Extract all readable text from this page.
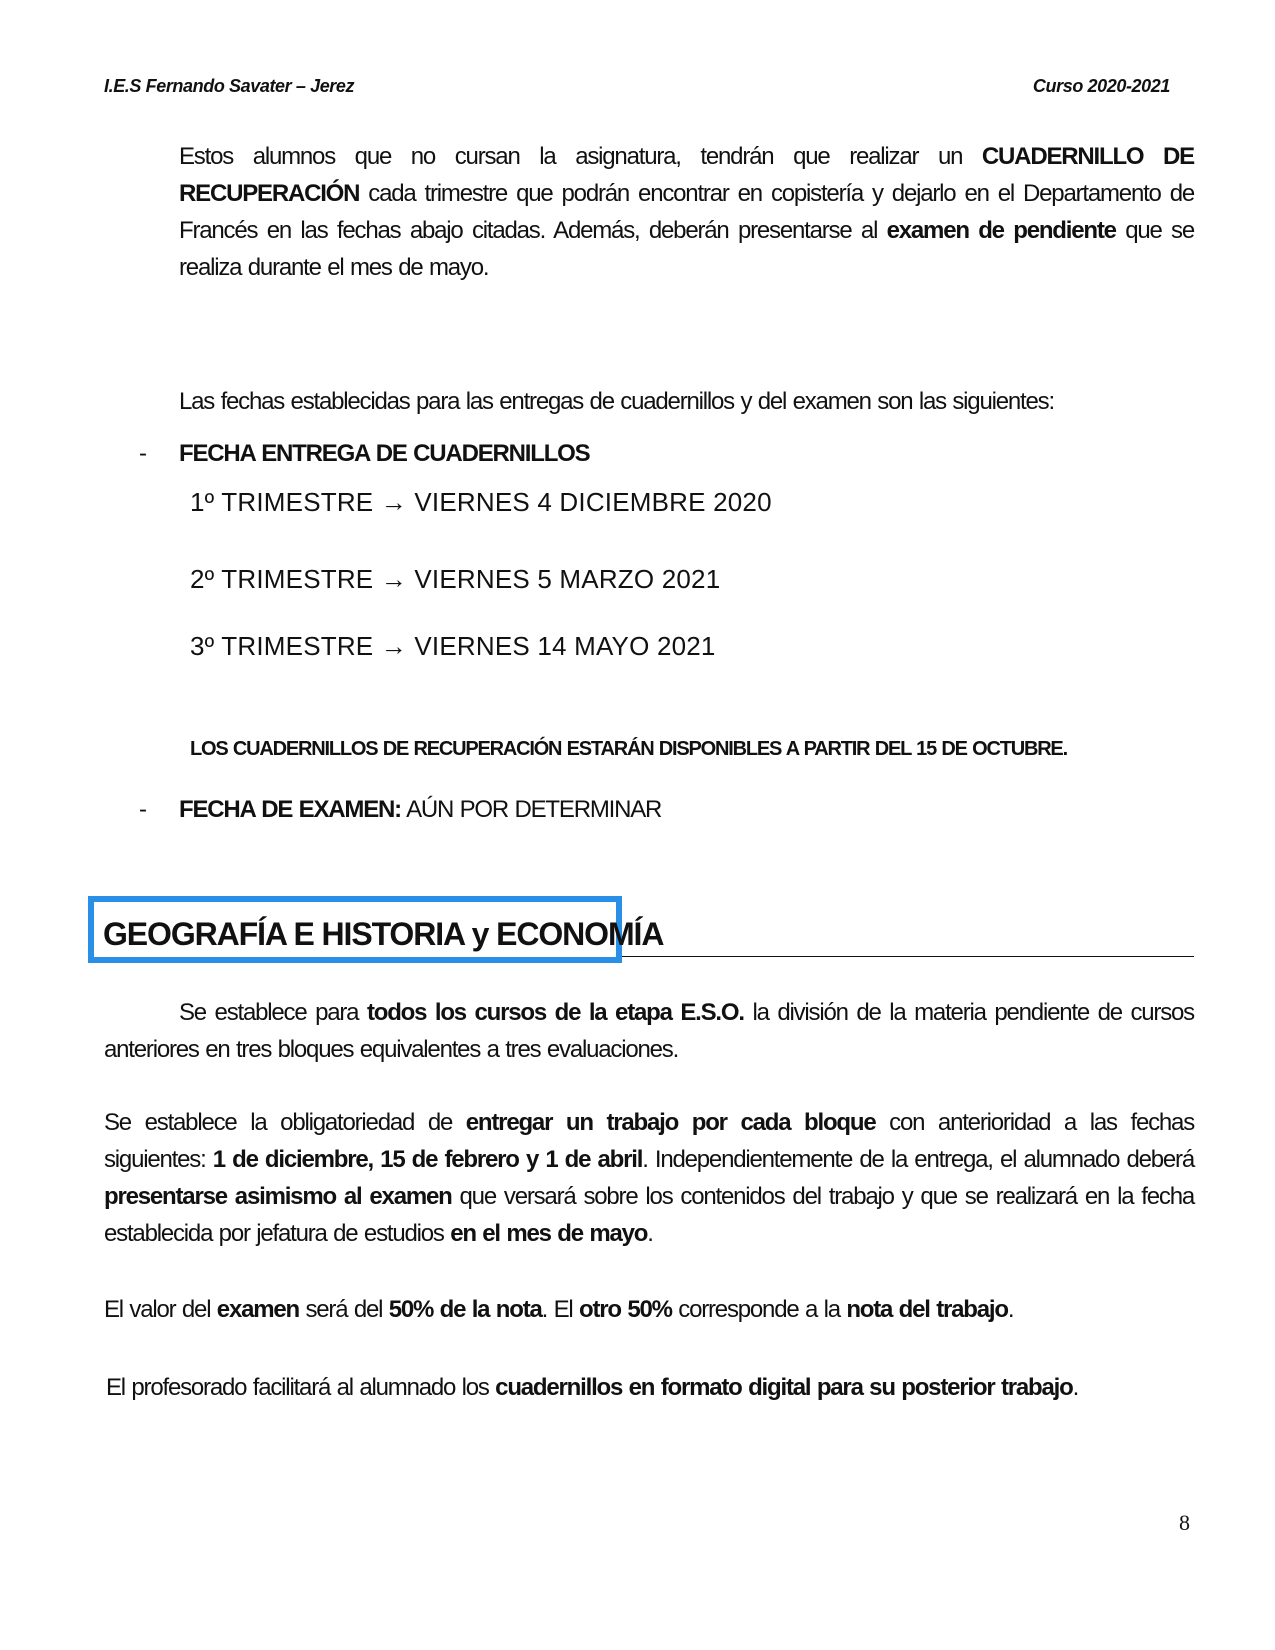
I.E.S Fernando Savater – Jerez	Curso 2020-2021
Estos alumnos que no cursan la asignatura, tendrán que realizar un CUADERNILLO DE RECUPERACIÓN cada trimestre que podrán encontrar en copistería y dejarlo en el Departamento de Francés en las fechas abajo citadas. Además, deberán presentarse al examen de pendiente que se realiza durante el mes de mayo.
Las fechas establecidas para las entregas de cuadernillos y del examen son las siguientes:
- FECHA ENTREGA DE CUADERNILLOS
1º TRIMESTRE → VIERNES 4 DICIEMBRE 2020
2º TRIMESTRE → VIERNES 5 MARZO 2021
3º TRIMESTRE → VIERNES 14 MAYO 2021
LOS CUADERNILLOS DE RECUPERACIÓN ESTARÁN DISPONIBLES A PARTIR DEL 15 DE OCTUBRE.
- FECHA DE EXAMEN: AÚN POR DETERMINAR
GEOGRAFÍA E HISTORIA y ECONOMÍA
Se establece para todos los cursos de la etapa E.S.O. la división de la materia pendiente de cursos anteriores en tres bloques equivalentes a tres evaluaciones.
Se establece la obligatoriedad de entregar un trabajo por cada bloque con anterioridad a las fechas siguientes: 1 de diciembre, 15 de febrero y 1 de abril. Independientemente de la entrega, el alumnado deberá presentarse asimismo al examen que versará sobre los contenidos del trabajo y que se realizará en la fecha establecida por jefatura de estudios en el mes de mayo.
El valor del examen será del 50% de la nota. El otro 50% corresponde a la nota del trabajo.
El profesorado facilitará al alumnado los cuadernillos en formato digital para su posterior trabajo.
8
